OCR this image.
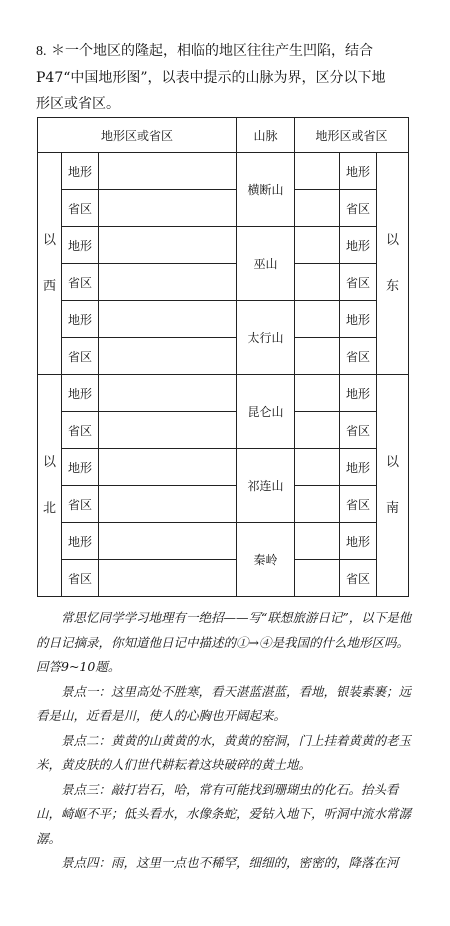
8. ＊一个地区的隆起，相临的地区往往产生凹陷，结合
P47“中国地形图”，以表中提示的山脉为界，区分以下地
形区或省区。
地形区或省区			山脉	地形区或省区		

以
西	地形		横断山		地形	以
东

	省区				省区	
	地形		巫山		地形	
	省区				省区	
	地形		太行山		地形	
	省区				省区	

以
北	地形		昆仑山		地形	以
南

	省区				省区	
	地形		祁连山		地形	
	省区				省区	
	地形		秦岭		地形	
	省区				省区	

常思忆同学学习地理有一绝招——写“联想旅游日记”，以下是他的日记摘录，你知道他日记中描述的①→④是我国的什么地形区吗。回答9~10题。

景点一：这里高处不胜寒，看天湛蓝湛蓝，看地，银装素裹；远看是山，近看是川，使人的心胸也开阔起来。

景点二：黄黄的山黄黄的水，黄黄的窑洞，门上挂着黄黄的老玉米，黄皮肤的人们世代耕耘着这块破碎的黄土地。

景点三：敲打岩石，哈，常有可能找到珊瑚虫的化石。抬头看山，崎岖不平；低头看水，水像条蛇，爱钻入地下，听洞中流水常潺潺。

景点四：雨，这里一点也不稀罕，细细的，密密的，降落在河
